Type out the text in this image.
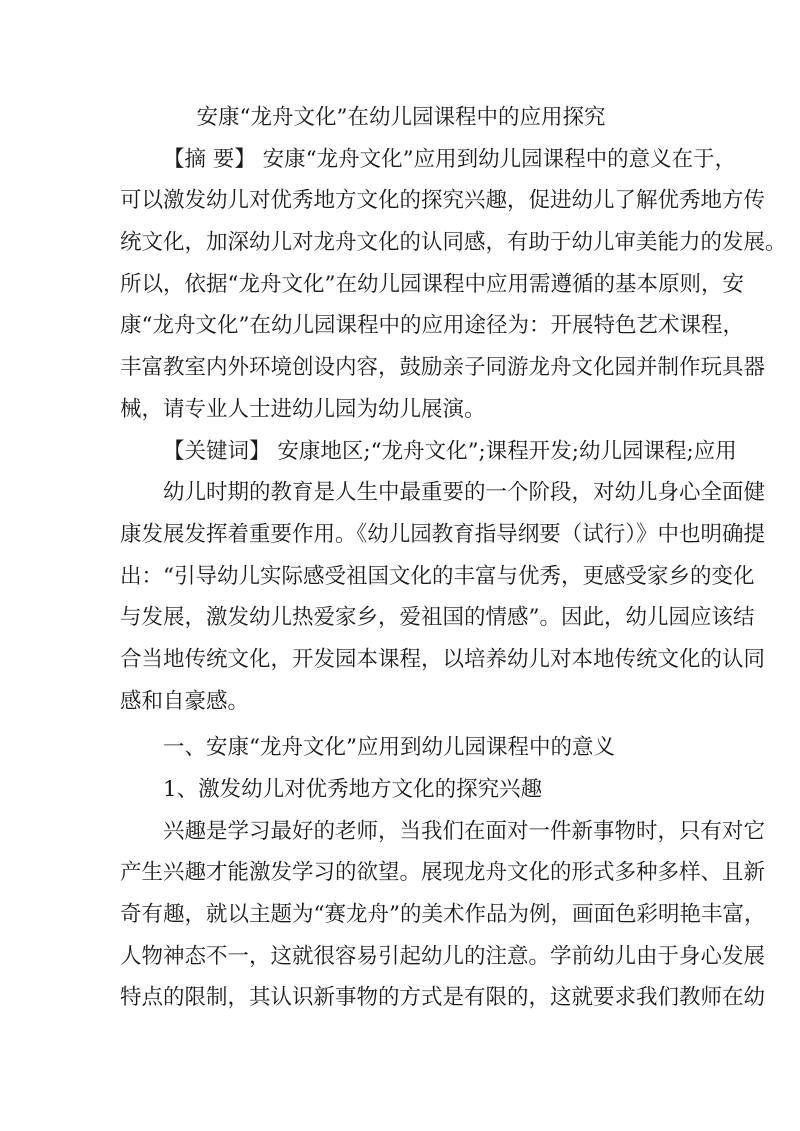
安康“龙舟文化”在幼儿园课程中的应用探究
【摘 要】 安康“龙舟文化”应用到幼儿园课程中的意义在于，
可以激发幼儿对优秀地方文化的探究兴趣，促进幼儿了解优秀地方传
统文化，加深幼儿对龙舟文化的认同感，有助于幼儿审美能力的发展。
所以，依据“龙舟文化”在幼儿园课程中应用需遵循的基本原则，安
康“龙舟文化”在幼儿园课程中的应用途径为：开展特色艺术课程，
丰富教室内外环境创设内容，鼓励亲子同游龙舟文化园并制作玩具器
械，请专业人士进幼儿园为幼儿展演。
【关键词】 安康地区;“龙舟文化”;课程开发;幼儿园课程;应用
幼儿时期的教育是人生中最重要的一个阶段，对幼儿身心全面健
康发展发挥着重要作用。《幼儿园教育指导纲要（试行）》中也明确提
出：“引导幼儿实际感受祖国文化的丰富与优秀，更感受家乡的变化
与发展，激发幼儿热爱家乡，爱祖国的情感”。因此，幼儿园应该结
合当地传统文化，开发园本课程，以培养幼儿对本地传统文化的认同
感和自豪感。
一、安康“龙舟文化”应用到幼儿园课程中的意义
1、激发幼儿对优秀地方文化的探究兴趣
兴趣是学习最好的老师，当我们在面对一件新事物时，只有对它
产生兴趣才能激发学习的欲望。展现龙舟文化的形式多种多样、且新
奇有趣，就以主题为“赛龙舟”的美术作品为例，画面色彩明艳丰富，
人物神态不一，这就很容易引起幼儿的注意。学前幼儿由于身心发展
特点的限制，其认识新事物的方式是有限的，这就要求我们教师在幼
